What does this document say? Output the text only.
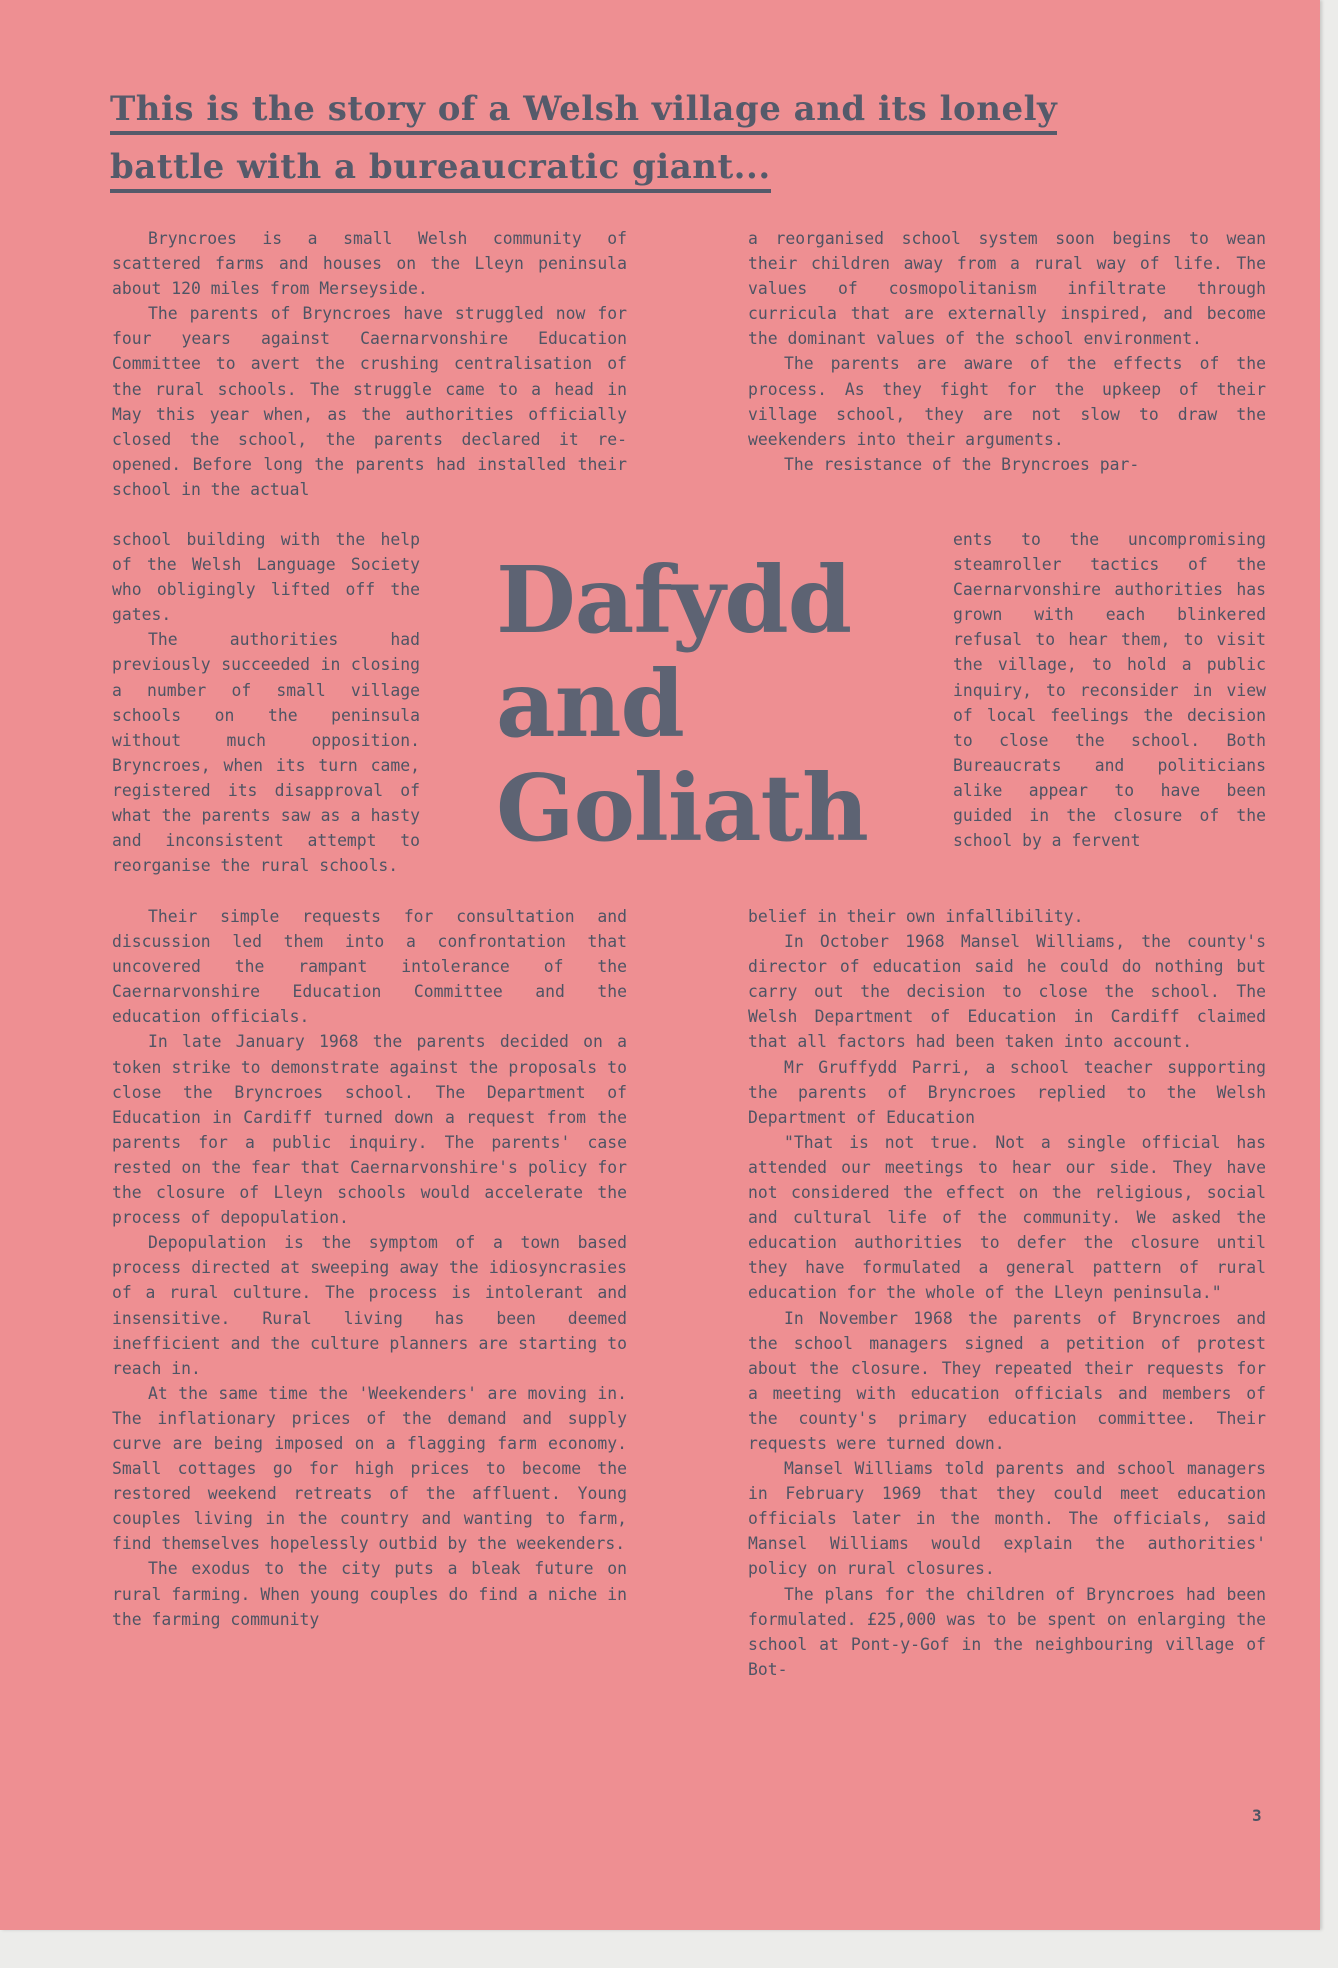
This is the story of a Welsh village and its lonely
battle with a bureaucratic giant...

Bryncroes is a small Welsh community of scattered farms and houses on the Lleyn peninsula about 120 miles from Merseyside.

The parents of Bryncroes have struggled now for four years against Caernarvonshire Education Committee to avert the crushing centralisation of the rural schools. The struggle came to a head in May this year when, as the authorities officially closed the school, the parents declared it re-opened. Before long the parents had installed their school in the actual

school building with the help of the Welsh Language Society who obligingly lifted off the gates.

The authorities had previously succeeded in closing a number of small village schools on the peninsula without much opposition. Bryncroes, when its turn came, registered its disapproval of what the parents saw as a hasty and inconsistent attempt to reorganise the rural schools.

Their simple requests for consultation and discussion led them into a confrontation that uncovered the rampant intolerance of the Caernarvonshire Education Committee and the education officials.

In late January 1968 the parents decided on a token strike to demonstrate against the proposals to close the Bryncroes school. The Department of Education in Cardiff turned down a request from the parents for a public inquiry. The parents' case rested on the fear that Caernarvonshire's policy for the closure of Lleyn schools would accelerate the process of depopulation.

Depopulation is the symptom of a town based process directed at sweeping away the idiosyncrasies of a rural culture. The process is intolerant and insensitive. Rural living has been deemed inefficient and the culture planners are starting to reach in.

At the same time the 'Weekenders' are moving in. The inflationary prices of the demand and supply curve are being imposed on a flagging farm economy. Small cottages go for high prices to become the restored weekend retreats of the affluent. Young couples living in the country and wanting to farm, find themselves hopelessly outbid by the weekenders.

The exodus to the city puts a bleak future on rural farming. When young couples do find a niche in the farming community

Dafydd
and
Goliath

a reorganised school system soon begins to wean their children away from a rural way of life. The values of cosmopolitanism infiltrate through curricula that are externally inspired, and become the dominant values of the school environment.

The parents are aware of the effects of the process. As they fight for the upkeep of their village school, they are not slow to draw the weekenders into their arguments.

The resistance of the Bryncroes par-

ents to the uncompromising steamroller tactics of the Caernarvonshire authorities has grown with each blinkered refusal to hear them, to visit the village, to hold a public inquiry, to reconsider in view of local feelings the decision to close the school. Both Bureaucrats and politicians alike appear to have been guided in the closure of the school by a fervent

belief in their own infallibility.

In October 1968 Mansel Williams, the county's director of education said he could do nothing but carry out the decision to close the school. The Welsh Department of Education in Cardiff claimed that all factors had been taken into account.

Mr Gruffydd Parri, a school teacher supporting the parents of Bryncroes replied to the Welsh Department of Education

"That is not true. Not a single official has attended our meetings to hear our side. They have not considered the effect on the religious, social and cultural life of the community. We asked the education authorities to defer the closure until they have formulated a general pattern of rural education for the whole of the Lleyn peninsula."

In November 1968 the parents of Bryncroes and the school managers signed a petition of protest about the closure. They repeated their requests for a meeting with education officials and members of the county's primary education committee. Their requests were turned down.

Mansel Williams told parents and school managers in February 1969 that they could meet education officials later in the month. The officials, said Mansel Williams would explain the authorities' policy on rural closures.

The plans for the children of Bryncroes had been formulated. £25,000 was to be spent on enlarging the school at Pont-y-Gof in the neighbouring village of Bot-

3
